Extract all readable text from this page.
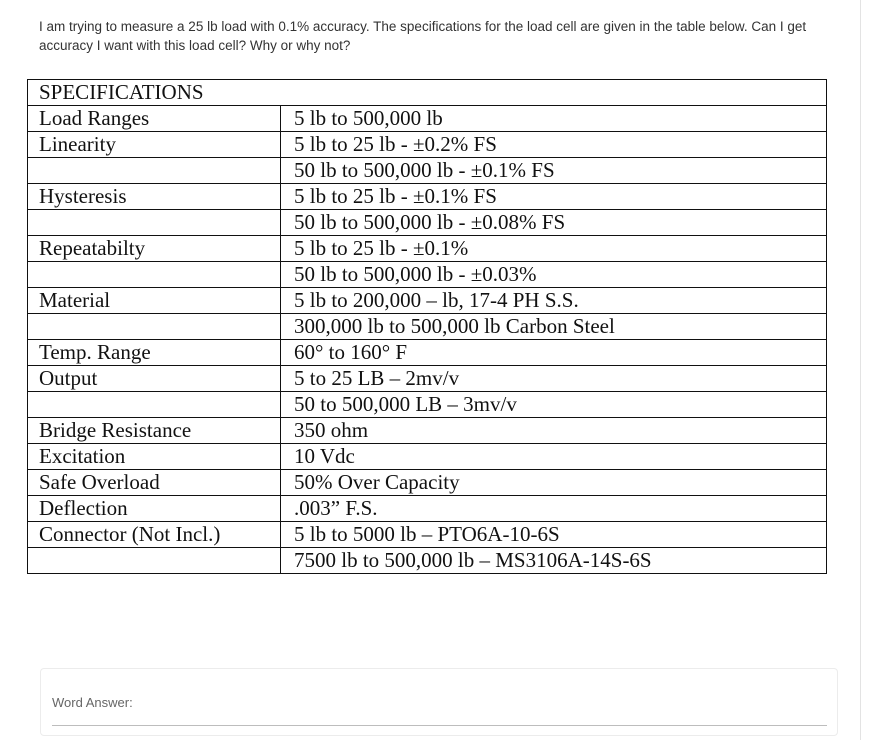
I am trying to measure a 25 lb load with 0.1% accuracy. The specifications for the load cell are given in the table below. Can I get accuracy I want with this load cell? Why or why not?
SPECIFICATIONS	
Load Ranges	5 lb to 500,000 lb
Linearity	5 lb to 25 lb - ±0.2% FS
	50 lb to 500,000 lb - ±0.1% FS
Hysteresis	5 lb to 25 lb - ±0.1% FS
	50 lb to 500,000 lb - ±0.08% FS
Repeatabilty	5 lb to 25 lb - ±0.1%
	50 lb to 500,000 lb - ±0.03%
Material	5 lb to 200,000 – lb, 17-4 PH S.S.
	300,000 lb to 500,000 lb Carbon Steel
Temp. Range	60° to 160° F
Output	5 to 25 LB – 2mv/v
	50 to 500,000 LB – 3mv/v
Bridge Resistance	350 ohm
Excitation	10 Vdc
Safe Overload	50% Over Capacity
Deflection	.003” F.S.
Connector (Not Incl.)	5 lb to 5000 lb – PTO6A-10-6S
	7500 lb to 500,000 lb – MS3106A-14S-6S
Word Answer:
